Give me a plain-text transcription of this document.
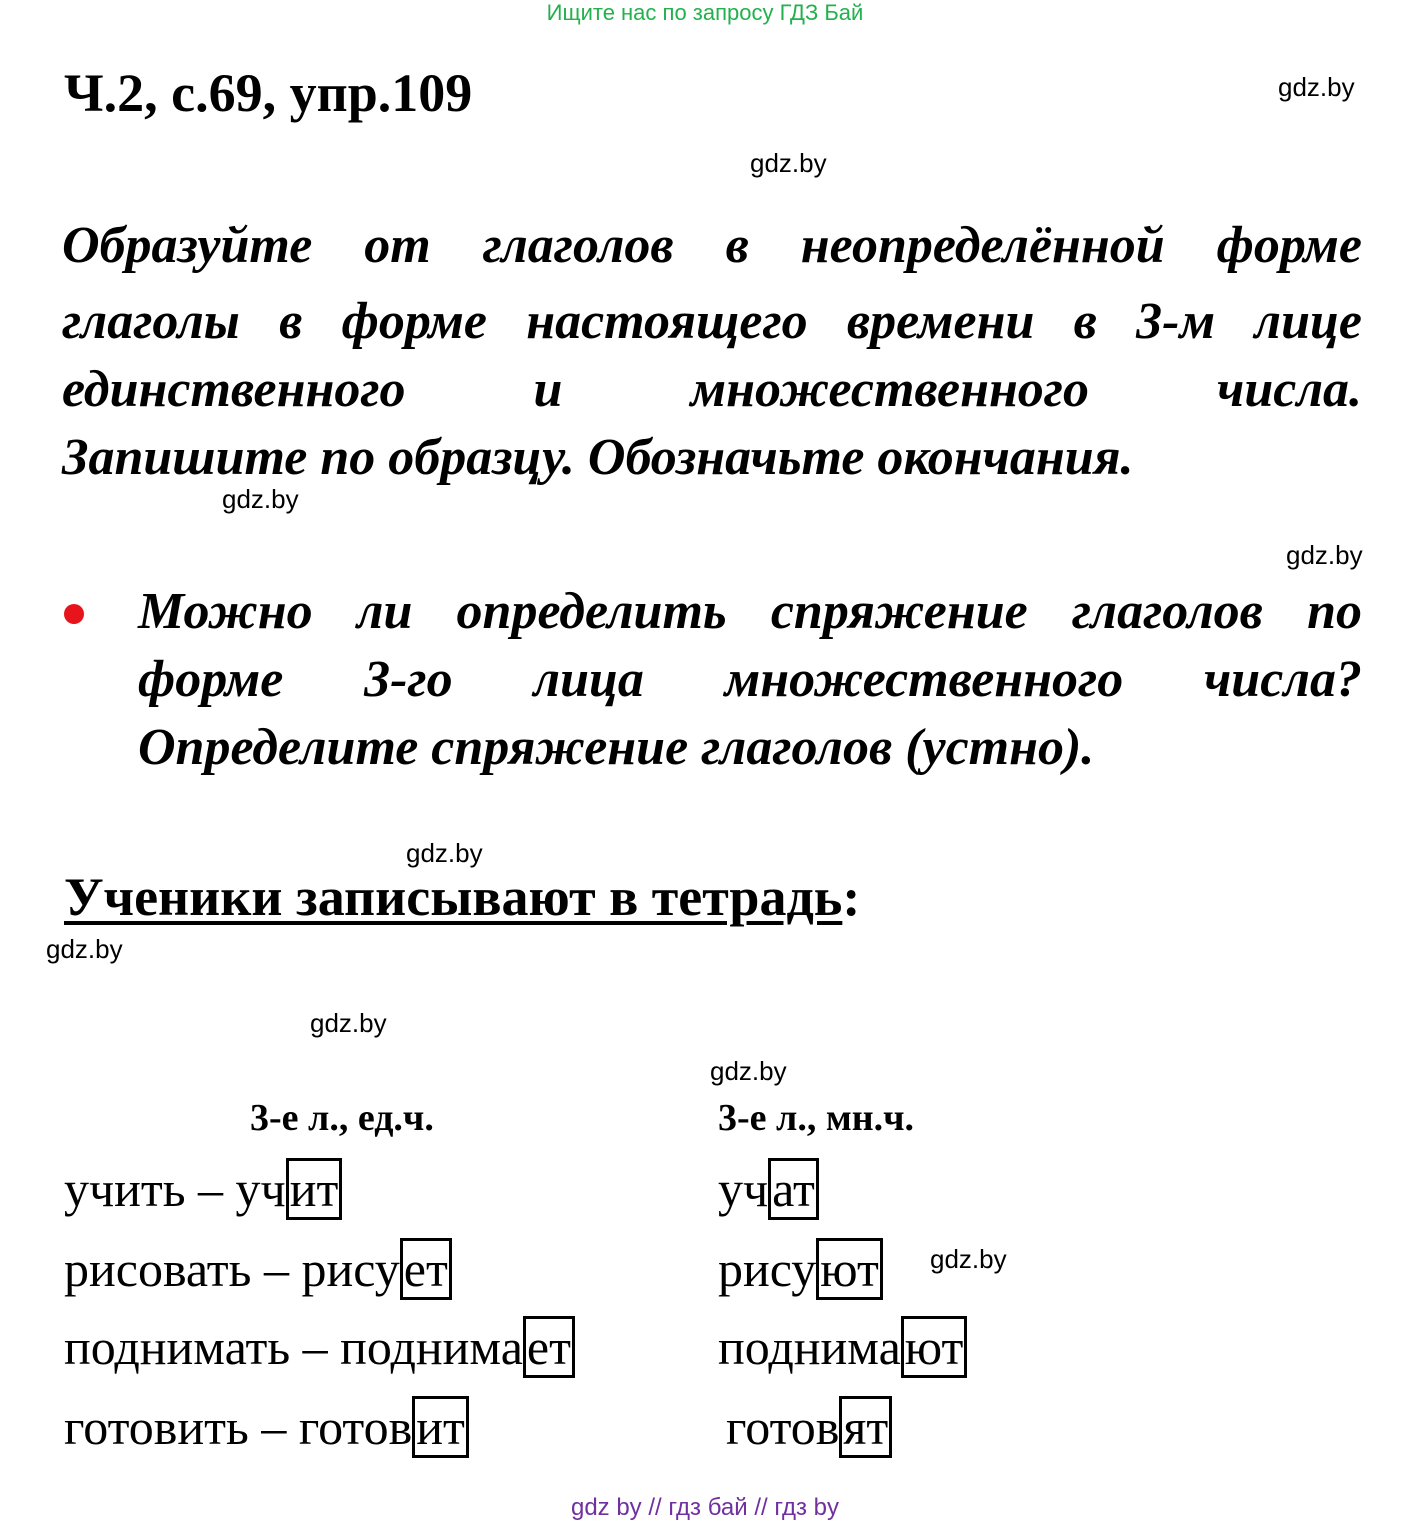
Ищите нас по запросу ГДЗ Бай
Ч.2, с.69, упр.109	gdz.by
gdz.by
Образуйте от глаголов в неопределённой форме
глаголы в форме настоящего времени в 3-м лице
единственного и множественного числа.
Запишите по образцу. Обозначьте окончания.
gdz.by
gdz.by
Можно ли определить спряжение глаголов по
форме 3-го лица множественного числа?
Определите спряжение глаголов (устно).
gdz.by
Ученики записывают в тетрадь:
gdz.by
gdz.by
gdz.by
3-е л., ед.ч.	3-е л., мн.ч.
учить – учит	учат
рисовать – рисует	рисуют gdz.by
поднимать – поднимает	поднимают
готовить – готовит	готовят
gdz by // гдз бай // гдз by
